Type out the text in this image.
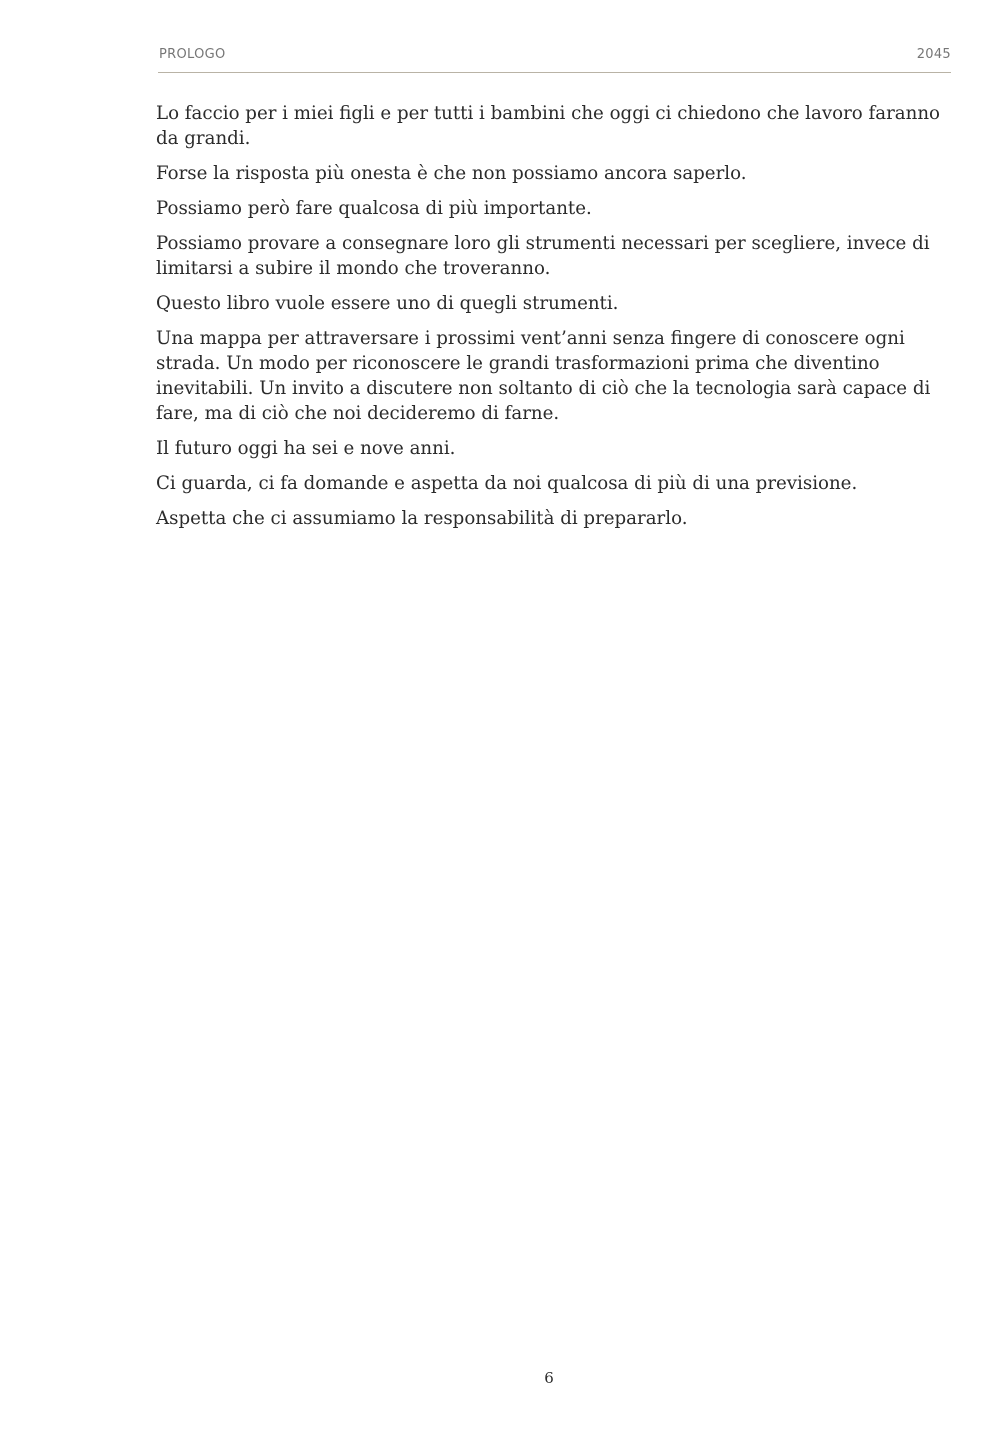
PROLOGO	2045

Lo faccio per i miei figli e per tutti i bambini che oggi ci chiedono che lavoro faranno da grandi.

Forse la risposta più onesta è che non possiamo ancora saperlo.

Possiamo però fare qualcosa di più importante.

Possiamo provare a consegnare loro gli strumenti necessari per scegliere, invece di limitarsi a subire il mondo che troveranno.

Questo libro vuole essere uno di quegli strumenti.

Una mappa per attraversare i prossimi vent’anni senza fingere di conoscere ogni strada. Un modo per riconoscere le grandi trasformazioni prima che diventino inevitabili. Un invito a discutere non soltanto di ciò che la tecnologia sarà capace di fare, ma di ciò che noi decideremo di farne.

Il futuro oggi ha sei e nove anni.

Ci guarda, ci fa domande e aspetta da noi qualcosa di più di una previsione.

Aspetta che ci assumiamo la responsabilità di prepararlo.

6
